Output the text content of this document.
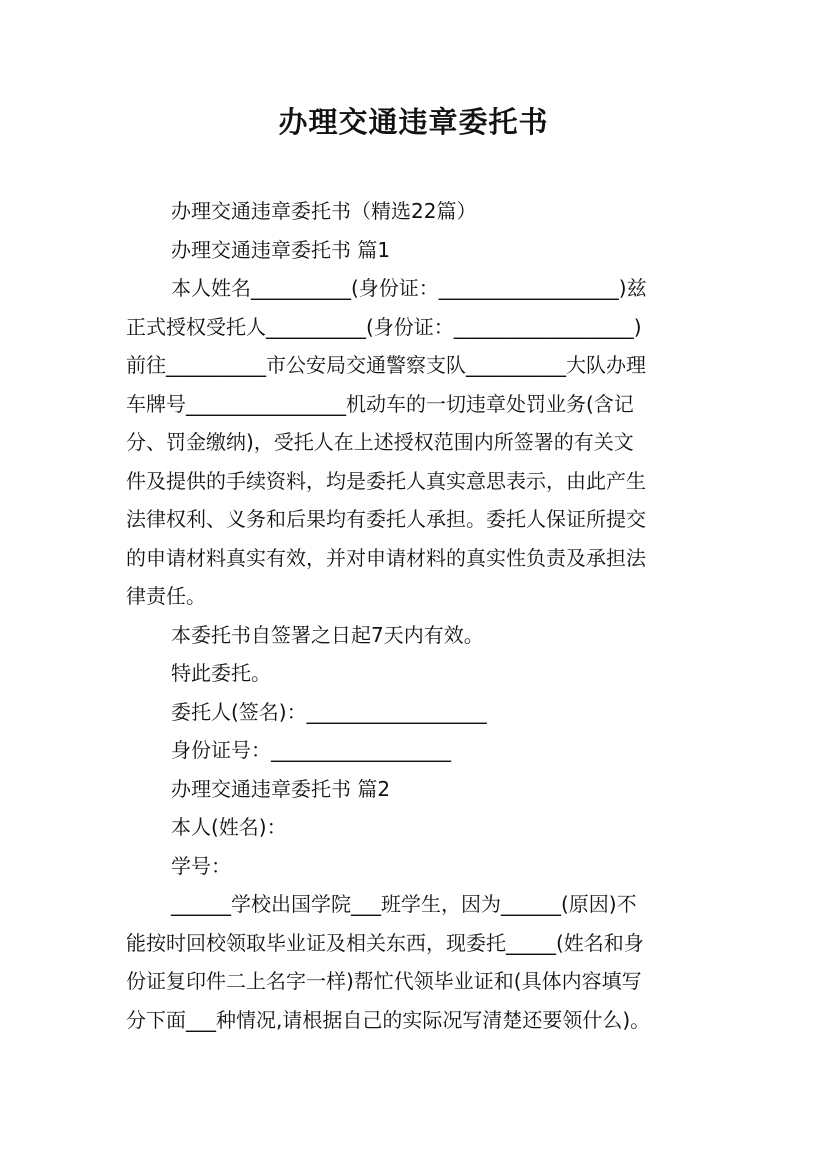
办理交通违章委托书

办理交通违章委托书（精选22篇）

办理交通违章委托书 篇1

本人姓名__________(身份证：__________________)兹

正式授权受托人__________(身份证：__________________)

前往__________市公安局交通警察支队__________大队办理

车牌号________________机动车的一切违章处罚业务(含记

分、罚金缴纳)，受托人在上述授权范围内所签署的有关文

件及提供的手续资料，均是委托人真实意思表示，由此产生

法律权利、义务和后果均有委托人承担。委托人保证所提交

的申请材料真实有效，并对申请材料的真实性负责及承担法

律责任。

本委托书自签署之日起7天内有效。

特此委托。

委托人(签名)：__________________

身份证号：__________________

办理交通违章委托书 篇2

本人(姓名)：

学号：

______学校出国学院___班学生，因为______(原因)不

能按时回校领取毕业证及相关东西，现委托_____(姓名和身

份证复印件二上名字一样)帮忙代领毕业证和(具体内容填写

分下面___种情况,请根据自己的实际况写清楚还要领什么)。
